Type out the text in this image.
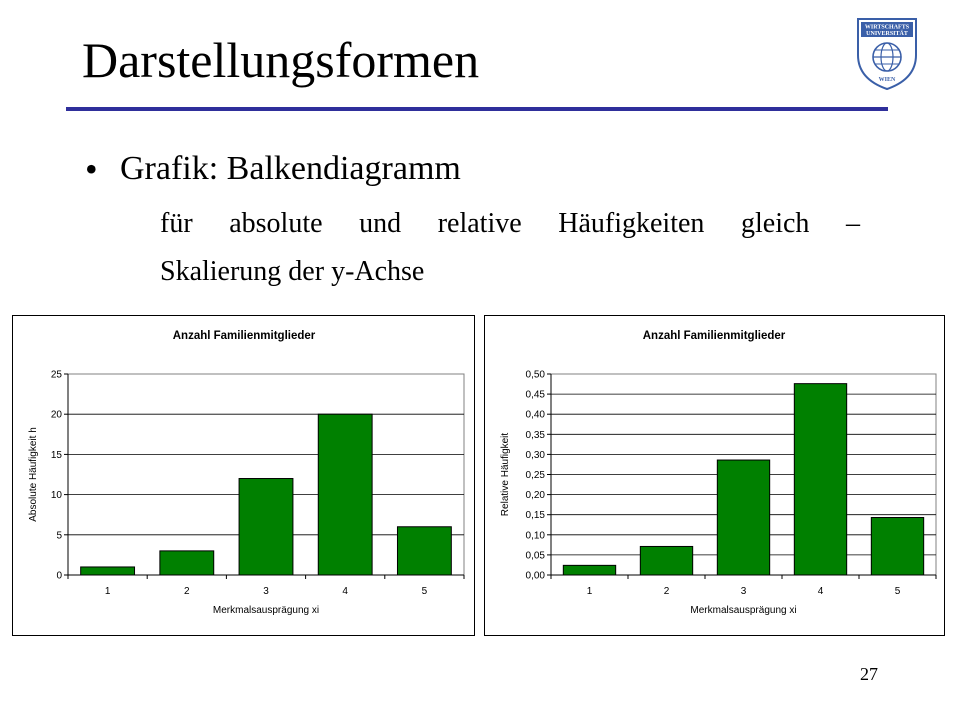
Darstellungsformen
WIRTSCHAFTS
UNIVERSITÄT
WIEN
• Grafik: Balkendiagramm
für absolute und relative Häufigkeiten gleich –
Skalierung der y-Achse
Anzahl Familienmitglieder
0
5
10
15
20
25
1	2	3	4	5
Merkmalsausprägung xi
Absolute Häufigkeit h
Anzahl Familienmitglieder
0,00
0,05
0,10
0,15
0,20
0,25
0,30
0,35
0,40
0,45
0,50
1	2	3	4	5
Merkmalsausprägung xi
Relative Häufigkeit
27
